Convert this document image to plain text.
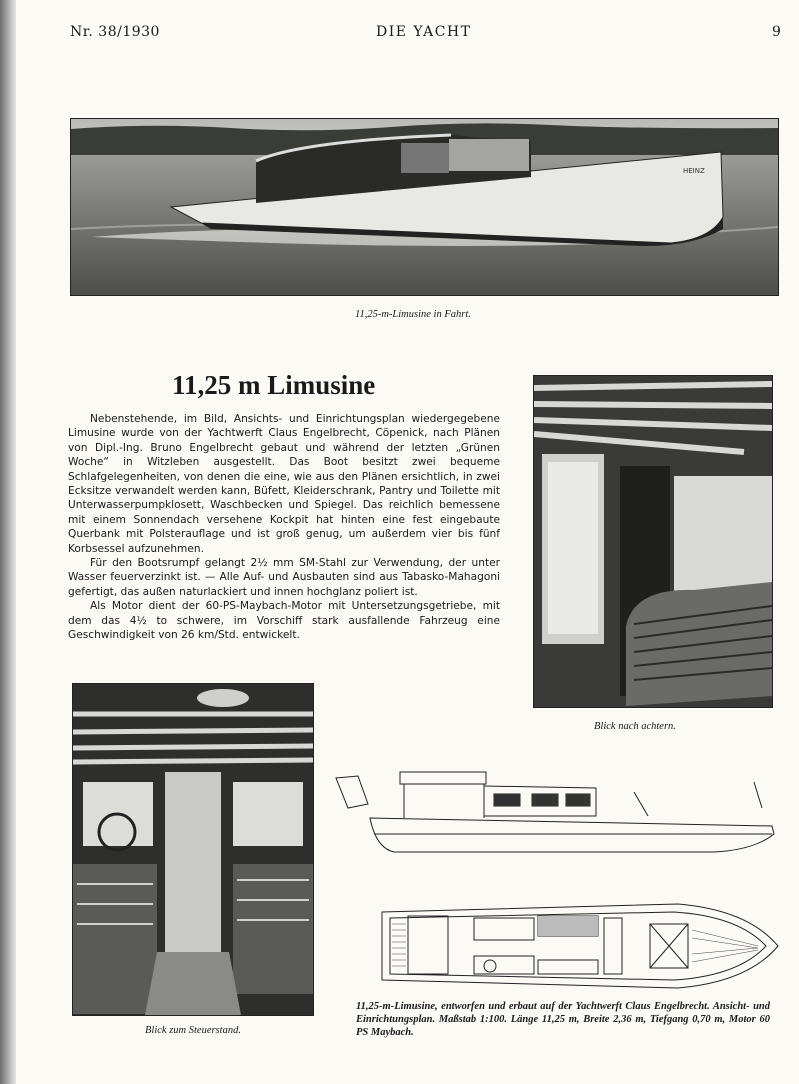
Nr. 38/1930	DIE YACHT	9
HEINZ
11,25-m-Limusine in Fahrt.
11,25 m Limusine

Nebenstehende, im Bild, Ansichts- und Einrichtungsplan wiedergegebene Limusine wurde von der Yachtwerft Claus Engelbrecht, Cöpenick, nach Plänen von Dipl.-Ing. Bruno Engelbrecht gebaut und während der letzten „Grünen Woche“ in Witzleben ausgestellt. Das Boot besitzt zwei bequeme Schlafgelegenheiten, von denen die eine, wie aus den Plänen ersichtlich, in zwei Ecksitze verwandelt werden kann, Büfett, Kleiderschrank, Pantry und Toilette mit Unterwasserpumpklosett, Waschbecken und Spiegel. Das reichlich bemessene mit einem Sonnendach versehene Kockpit hat hinten eine fest eingebaute Querbank mit Polsterauflage und ist groß genug, um außerdem vier bis fünf Korbsessel aufzunehmen.

Für den Bootsrumpf gelangt 2½ mm SM-Stahl zur Verwendung, der unter Wasser feuerverzinkt ist. — Alle Auf- und Ausbauten sind aus Tabasko-Mahagoni gefertigt, das außen naturlackiert und innen hochglanz poliert ist.

Als Motor dient der 60-PS-Maybach-Motor mit Untersetzungsgetriebe, mit dem das 4½ to schwere, im Vorschiff stark ausfallende Fahrzeug eine Geschwindigkeit von 26 km/Std. entwickelt.

Blick nach achtern.
Blick zum Steuerstand.
11,25-m-Limusine, entworfen und erbaut auf der Yachtwerft Claus Engelbrecht. Ansicht- und Einrichtungsplan. Maßstab 1:100. Länge 11,25 m, Breite 2,36 m, Tiefgang 0,70 m, Motor 60 PS Maybach.
